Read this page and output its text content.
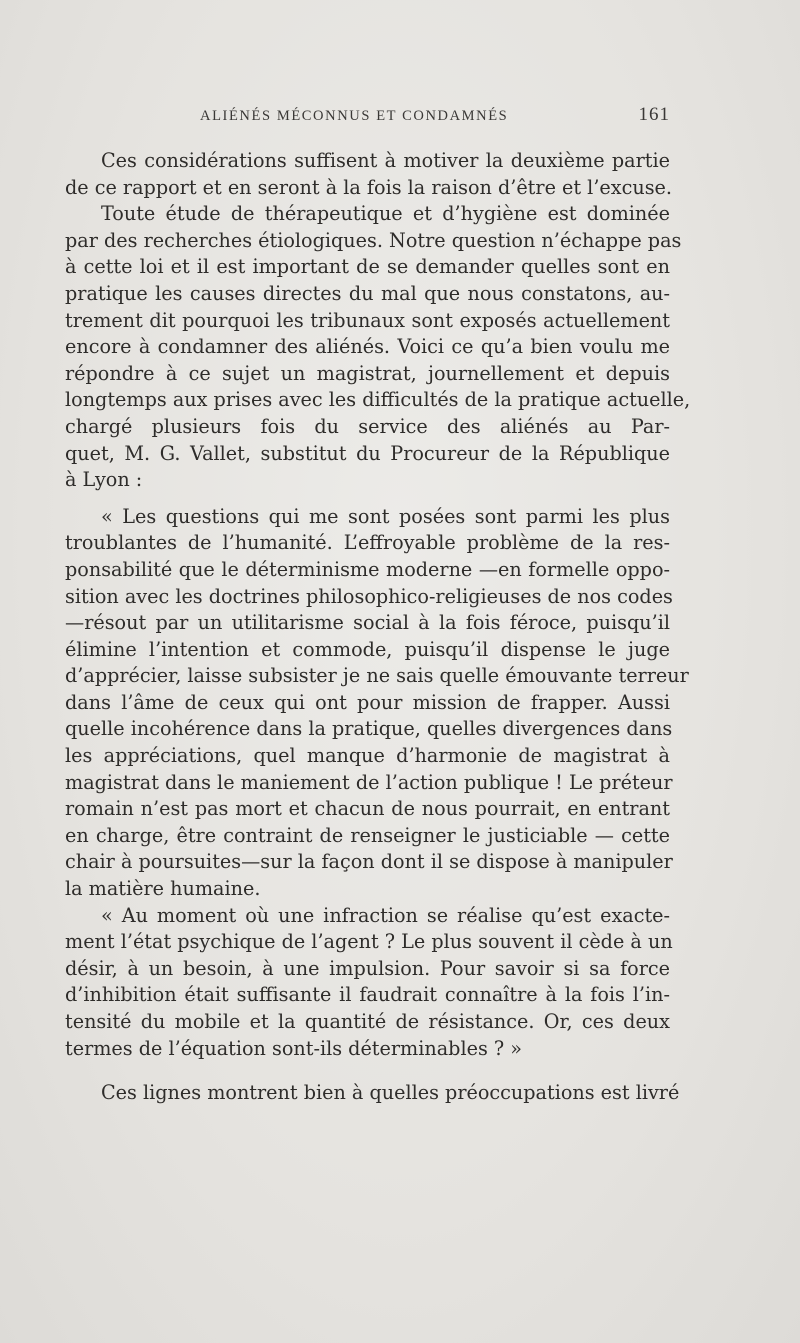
ALIÉNÉS MÉCONNUS ET CONDAMNÉS	161
Ces considérations suffisent à motiver la deuxième partie
de ce rapport et en seront à la fois la raison d’être et l’excuse.
Toute étude de thérapeutique et d’hygiène est dominée
par des recherches étiologiques. Notre question n’échappe pas
à cette loi et il est important de se demander quelles sont en
pratique les causes directes du mal que nous constatons, au-
trement dit pourquoi les tribunaux sont exposés actuellement
encore à condamner des aliénés. Voici ce qu’a bien voulu me
répondre à ce sujet un magistrat, journellement et depuis
longtemps aux prises avec les difficultés de la pratique actuelle,
chargé plusieurs fois du service des aliénés au Par-
quet, M. G. Vallet, substitut du Procureur de la République
à Lyon :
« Les questions qui me sont posées sont parmi les plus
troublantes de l’humanité. L’effroyable problème de la res-
ponsabilité que le déterminisme moderne —en formelle oppo-
sition avec les doctrines philosophico-religieuses de nos codes
—résout par un utilitarisme social à la fois féroce, puisqu’il
élimine l’intention et commode, puisqu’il dispense le juge
d’apprécier, laisse subsister je ne sais quelle émouvante terreur
dans l’âme de ceux qui ont pour mission de frapper. Aussi
quelle incohérence dans la pratique, quelles divergences dans
les appréciations, quel manque d’harmonie de magistrat à
magistrat dans le maniement de l’action publique ! Le préteur
romain n’est pas mort et chacun de nous pourrait, en entrant
en charge, être contraint de renseigner le justiciable — cette
chair à poursuites—sur la façon dont il se dispose à manipuler
la matière humaine.
« Au moment où une infraction se réalise qu’est exacte-
ment l’état psychique de l’agent ? Le plus souvent il cède à un
désir, à un besoin, à une impulsion. Pour savoir si sa force
d’inhibition était suffisante il faudrait connaître à la fois l’in-
tensité du mobile et la quantité de résistance. Or, ces deux
termes de l’équation sont-ils déterminables ? »
Ces lignes montrent bien à quelles préoccupations est livré
